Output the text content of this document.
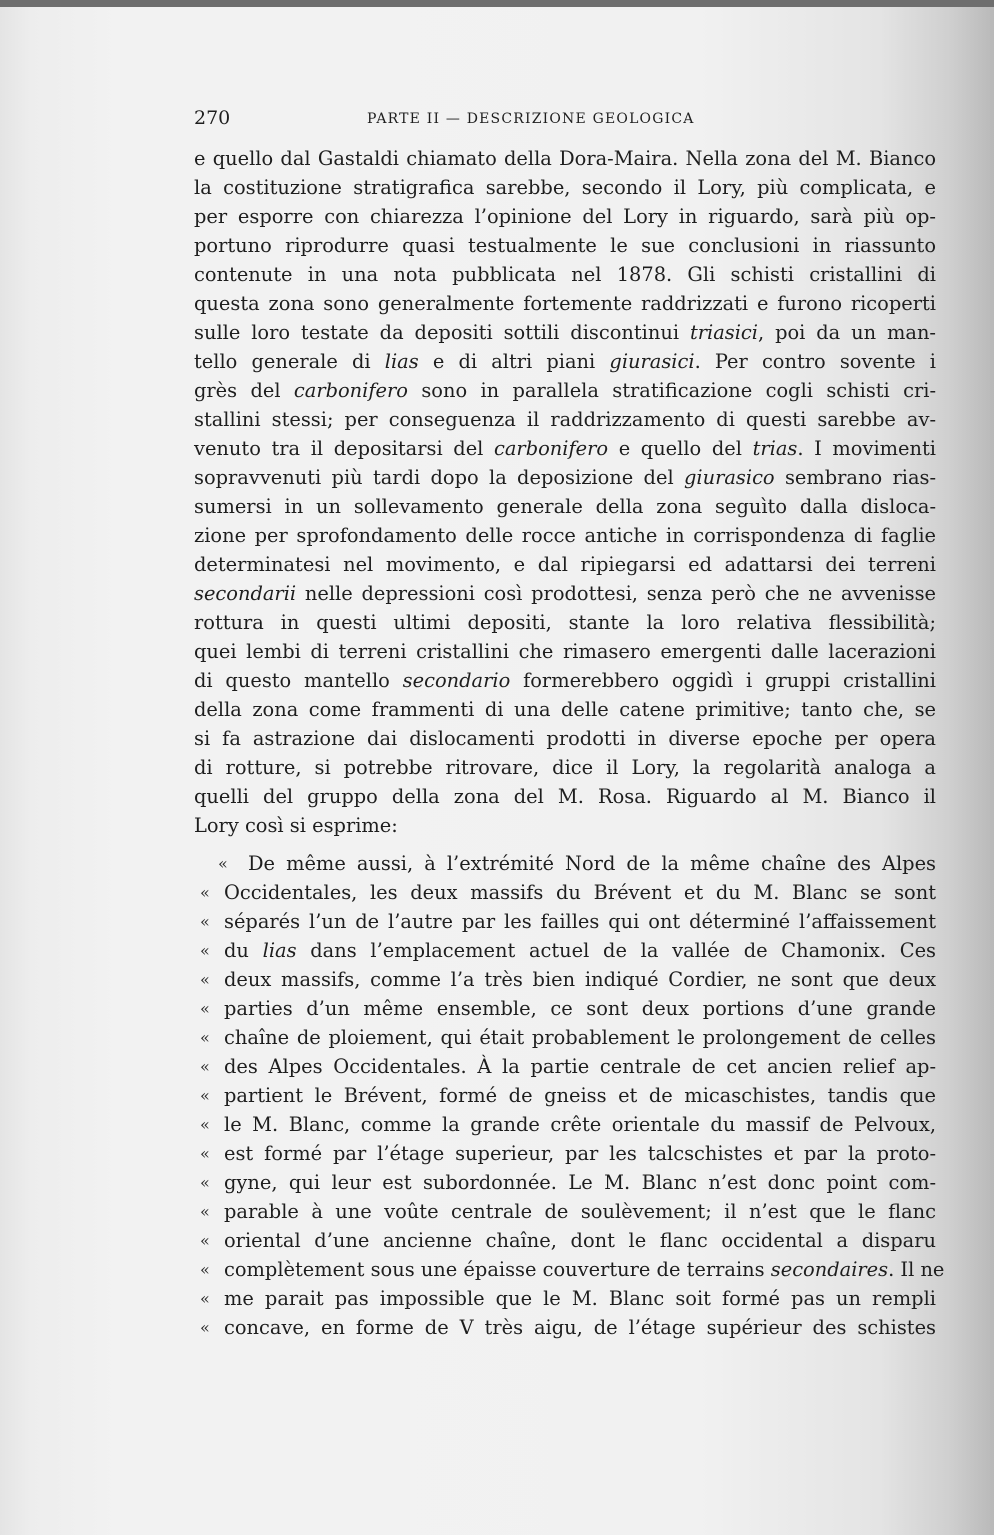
270	PARTE II — DESCRIZIONE GEOLOGICA
e quello dal Gastaldi chiamato della Dora-Maira. Nella zona del M. Bianco
la costituzione stratigrafica sarebbe, secondo il Lory, più complicata, e
per esporre con chiarezza l’opinione del Lory in riguardo, sarà più op-
portuno riprodurre quasi testualmente le sue conclusioni in riassunto
contenute in una nota pubblicata nel 1878. Gli schisti cristallini di
questa zona sono generalmente fortemente raddrizzati e furono ricoperti
sulle loro testate da depositi sottili discontinui triasici, poi da un man-
tello generale di lias e di altri piani giurasici. Per contro sovente i
grès del carbonifero sono in parallela stratificazione cogli schisti cri-
stallini stessi; per conseguenza il raddrizzamento di questi sarebbe av-
venuto tra il depositarsi del carbonifero e quello del trias. I movimenti
sopravvenuti più tardi dopo la deposizione del giurasico sembrano rias-
sumersi in un sollevamento generale della zona seguìto dalla disloca-
zione per sprofondamento delle rocce antiche in corrispondenza di faglie
determinatesi nel movimento, e dal ripiegarsi ed adattarsi dei terreni
secondarii nelle depressioni così prodottesi, senza però che ne avvenisse
rottura in questi ultimi depositi, stante la loro relativa flessibilità;
quei lembi di terreni cristallini che rimasero emergenti dalle lacerazioni
di questo mantello secondario formerebbero oggidì i gruppi cristallini
della zona come frammenti di una delle catene primitive; tanto che, se
si fa astrazione dai dislocamenti prodotti in diverse epoche per opera
di rotture, si potrebbe ritrovare, dice il Lory, la regolarità analoga a
quelli del gruppo della zona del M. Rosa. Riguardo al M. Bianco il
Lory così si esprime:
«	De même aussi, à l’extrémité Nord de la même chaîne des Alpes
« Occidentales, les deux massifs du Brévent et du M. Blanc se sont
« séparés l’un de l’autre par les failles qui ont déterminé l’affaissement
« du lias dans l’emplacement actuel de la vallée de Chamonix. Ces
« deux massifs, comme l’a très bien indiqué Cordier, ne sont que deux
« parties d’un même ensemble, ce sont deux portions d’une grande
« chaîne de ploiement, qui était probablement le prolongement de celles
« des Alpes Occidentales. À la partie centrale de cet ancien relief ap-
« partient le Brévent, formé de gneiss et de micaschistes, tandis que
« le M. Blanc, comme la grande crête orientale du massif de Pelvoux,
« est formé par l’étage superieur, par les talcschistes et par la proto-
« gyne, qui leur est subordonnée. Le M. Blanc n’est donc point com-
« parable à une voûte centrale de soulèvement; il n’est que le flanc
« oriental d’une ancienne chaîne, dont le flanc occidental a disparu
« complètement sous une épaisse couverture de terrains secondaires. Il ne
« me parait pas impossible que le M. Blanc soit formé pas un rempli
« concave, en forme de V très aigu, de l’étage supérieur des schistes
